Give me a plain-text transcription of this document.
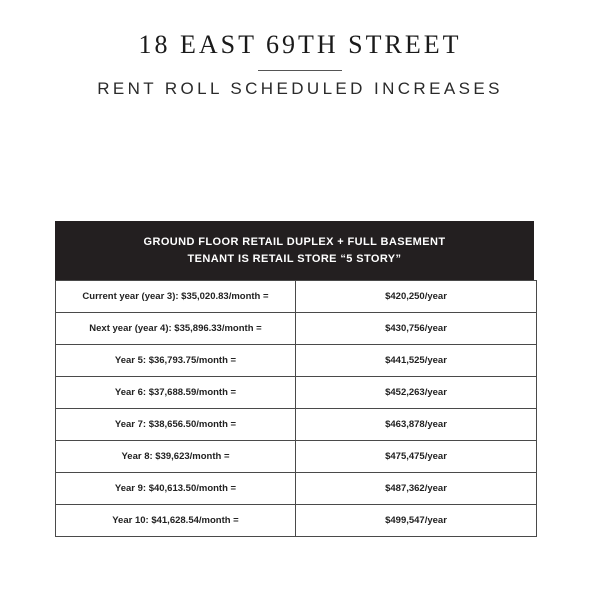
18 EAST 69TH STREET
RENT ROLL SCHEDULED INCREASES
GROUND FLOOR RETAIL DUPLEX + FULL BASEMENT
TENANT IS RETAIL STORE “5 STORY”
Current year (year 3): $35,020.83/month =	$420,250/year
Next year (year 4): $35,896.33/month =	$430,756/year
Year 5: $36,793.75/month =	$441,525/year
Year 6: $37,688.59/month =	$452,263/year
Year 7: $38,656.50/month =	$463,878/year
Year 8: $39,623/month =	$475,475/year
Year 9: $40,613.50/month =	$487,362/year
Year 10: $41,628.54/month =	$499,547/year
